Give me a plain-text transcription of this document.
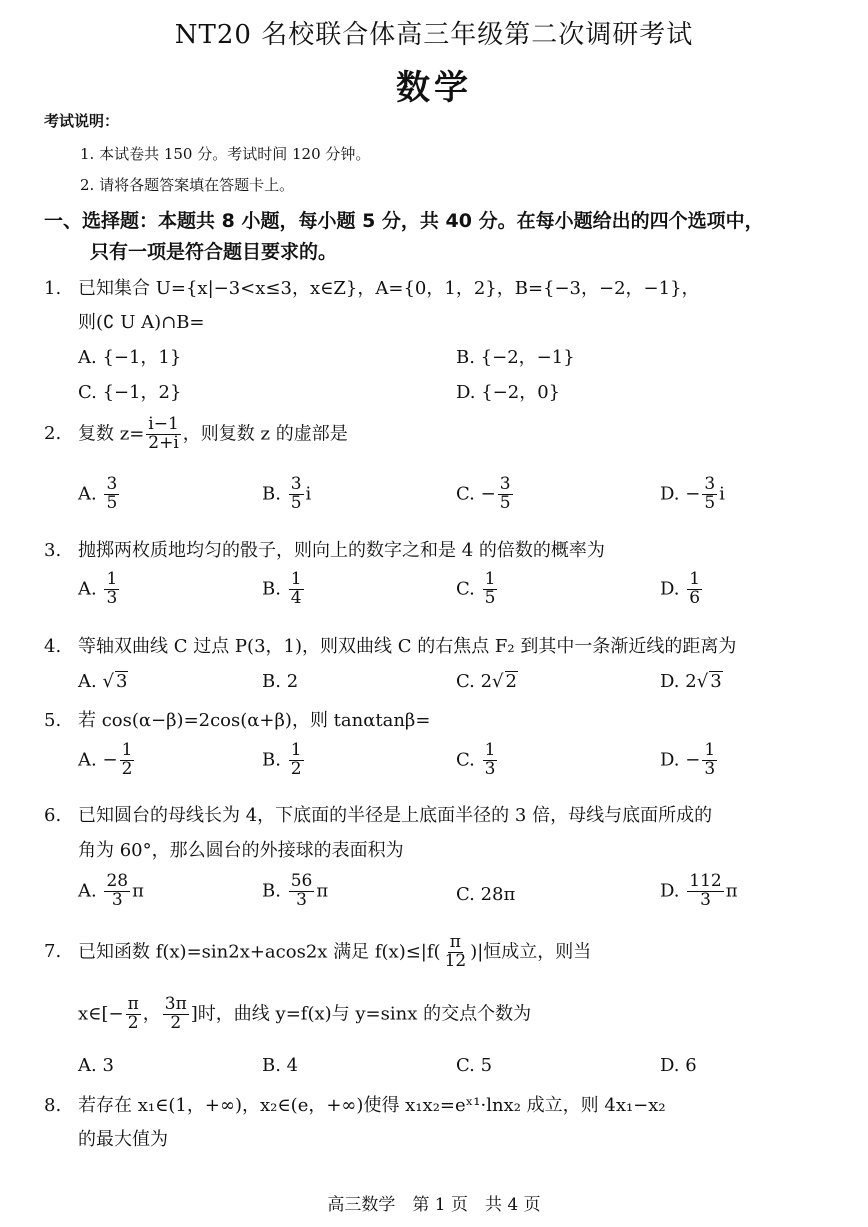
NT20 名校联合体高三年级第二次调研考试
数学
考试说明：
1. 本试卷共 150 分。考试时间 120 分钟。
2. 请将各题答案填在答题卡上。
一、选择题：本题共 8 小题，每小题 5 分，共 40 分。在每小题给出的四个选项中，
只有一项是符合题目要求的。
1. 已知集合 U={x|−3<x≤3，x∈Z}，A={0，1，2}，B={−3，−2，−1}，
则(∁ U A)∩B=
A. {−1，1}	B. {−2，−1}
C. {−1，2}	D. {−2，0}
2. 复数 $z= \frac{i-1}{2+i}$ ，则复数 z 的虚部是
A. $\frac{3}{5}$	B. $\frac{3}{5}$ i	C. − $\frac{3}{5}$	D. − $\frac{3}{5}$ i
3. 抛掷两枚质地均匀的骰子，则向上的数字之和是 4 的倍数的概率为
A. $\frac{1}{3}$	B. $\frac{1}{4}$	C. $\frac{1}{5}$	D. $\frac{1}{6}$
4. 等轴双曲线 C 过点 P(3，1)，则双曲线 C 的右焦点 F₂ 到其中一条渐近线的距离为
A. √ 3	B. 2	C. 2√ 2	D. 2√ 3
5. 若 cos(α−β)=2cos(α+β)，则 tanαtanβ=
A. − $\frac{1}{2}$	B. $\frac{1}{2}$	C. $\frac{1}{3}$	D. − $\frac{1}{3}$
6. 已知圆台的母线长为 4，下底面的半径是上底面半径的 3 倍，母线与底面所成的
角为 60°，那么圆台的外接球的表面积为
A. $\frac{28}{3}$ π	B. $\frac{56}{3}$ π	C. 28π	D. $\frac{112}{3}$ π
7. 已知函数 f(x)=sin2x+acos2x 满足 $f(x)\le|f( \frac{\pi}{12}$ )|恒成立，则当
x∈[− $\frac{\pi}{2}$ ， $\frac{3\pi}{2}$ ]时，曲线 y=f(x)与 y=sinx 的交点个数为
A. 3	B. 4	C. 5	D. 6
8. 若存在 x₁∈(1，+∞)，x₂∈(e，+∞)使得 x₁x₂=eˣ¹·lnx₂ 成立，则 4x₁−x₂
的最大值为
高三数学　第 1 页　共 4 页
